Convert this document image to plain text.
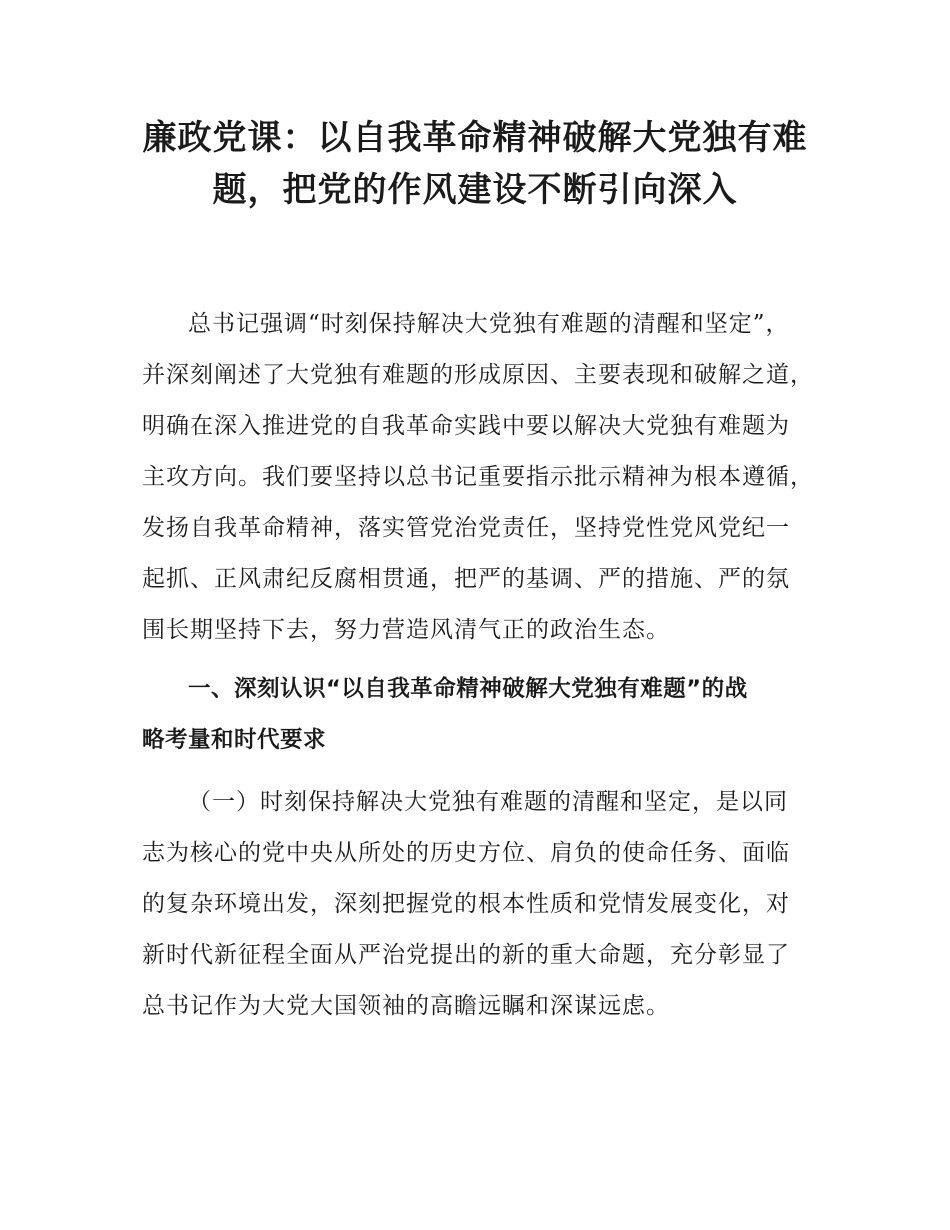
廉政党课：以自我革命精神破解大党独有难
题，把党的作风建设不断引向深入

总书记强调“时刻保持解决大党独有难题的清醒和坚定”，
并深刻阐述了大党独有难题的形成原因、主要表现和破解之道，
明确在深入推进党的自我革命实践中要以解决大党独有难题为
主攻方向。我们要坚持以总书记重要指示批示精神为根本遵循，
发扬自我革命精神，落实管党治党责任，坚持党性党风党纪一
起抓、正风肃纪反腐相贯通，把严的基调、严的措施、严的氛
围长期坚持下去，努力营造风清气正的政治生态。

一、深刻认识“以自我革命精神破解大党独有难题”的战
略考量和时代要求

（一）时刻保持解决大党独有难题的清醒和坚定，是以同
志为核心的党中央从所处的历史方位、肩负的使命任务、面临
的复杂环境出发，深刻把握党的根本性质和党情发展变化，对
新时代新征程全面从严治党提出的新的重大命题，充分彰显了
总书记作为大党大国领袖的高瞻远瞩和深谋远虑。
